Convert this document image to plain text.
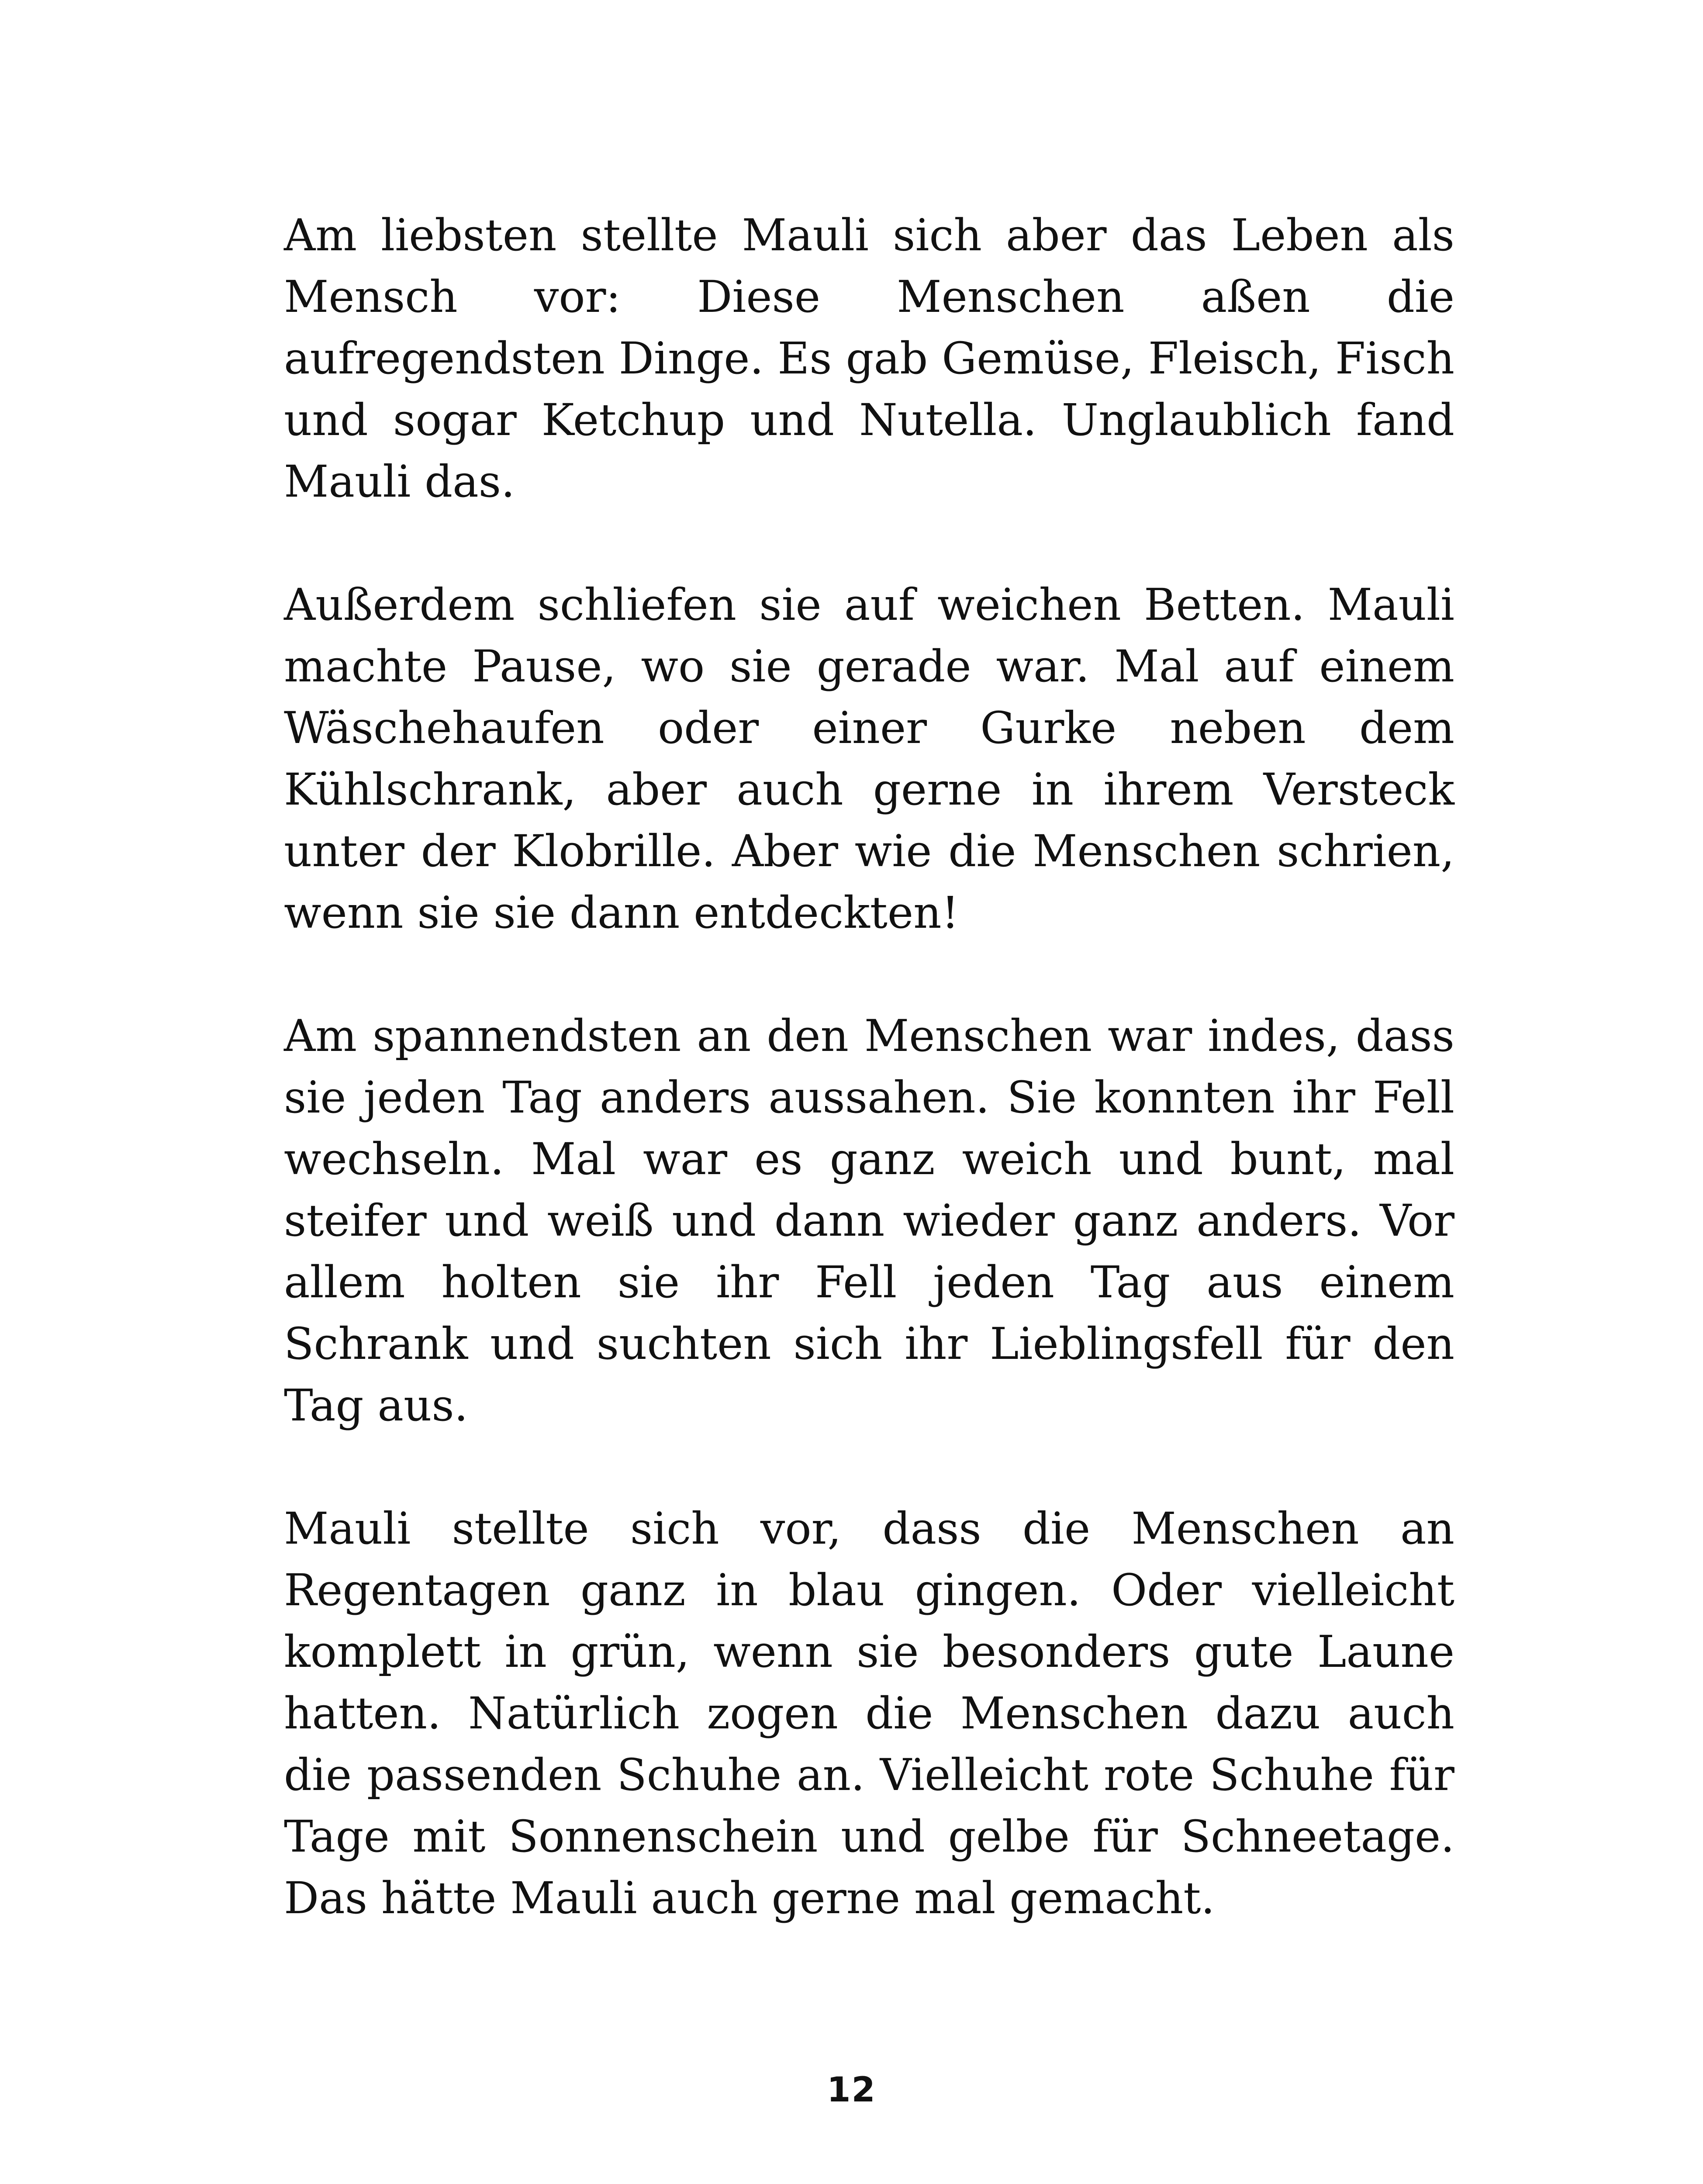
Am liebsten stellte Mauli sich aber das Leben als Mensch vor: Diese Menschen aßen die aufregendsten Dinge. Es gab Gemüse, Fleisch, Fisch und sogar Ketchup und Nutella. Unglaublich fand Mauli das.

Außerdem schliefen sie auf weichen Betten. Mauli machte Pause, wo sie gerade war. Mal auf einem Wäschehaufen oder einer Gurke neben dem Kühlschrank, aber auch gerne in ihrem Versteck unter der Klobrille. Aber wie die Menschen schrien, wenn sie sie dann entdeckten!

Am spannendsten an den Menschen war indes, dass sie jeden Tag anders aussahen. Sie konnten ihr Fell wechseln. Mal war es ganz weich und bunt, mal steifer und weiß und dann wieder ganz anders. Vor allem holten sie ihr Fell jeden Tag aus einem Schrank und suchten sich ihr Lieblingsfell für den Tag aus.

Mauli stellte sich vor, dass die Menschen an Regentagen ganz in blau gingen. Oder vielleicht komplett in grün, wenn sie besonders gute Laune hatten. Natürlich zogen die Menschen dazu auch die passenden Schuhe an. Vielleicht rote Schuhe für Tage mit Sonnenschein und gelbe für Schneetage. Das hätte Mauli auch gerne mal gemacht.

12
